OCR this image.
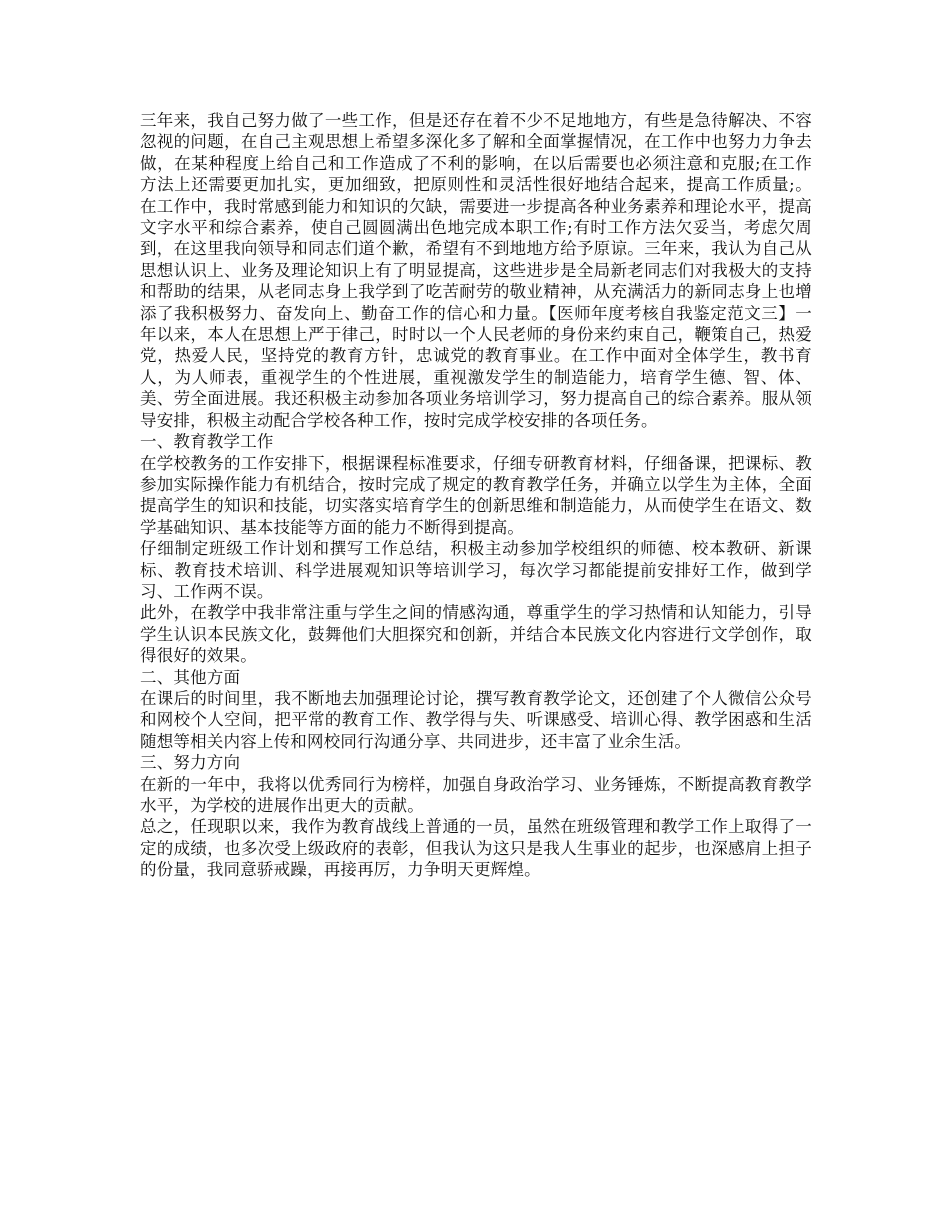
三年来，我自己努力做了一些工作，但是还存在着不少不足地地方，有些是急待解决、不容忽视的问题，在自己主观思想上希望多深化多了解和全面掌握情况，在工作中也努力力争去做，在某种程度上给自己和工作造成了不利的影响，在以后需要也必须注意和克服;在工作方法上还需要更加扎实，更加细致，把原则性和灵活性很好地结合起来，提高工作质量;。在工作中，我时常感到能力和知识的欠缺，需要进一步提高各种业务素养和理论水平，提高文字水平和综合素养，使自己圆圆满出色地完成本职工作;有时工作方法欠妥当，考虑欠周到，在这里我向领导和同志们道个歉，希望有不到地地方给予原谅。三年来，我认为自己从思想认识上、业务及理论知识上有了明显提高，这些进步是全局新老同志们对我极大的支持和帮助的结果，从老同志身上我学到了吃苦耐劳的敬业精神，从充满活力的新同志身上也增添了我积极努力、奋发向上、勤奋工作的信心和力量。【医师年度考核自我鉴定范文三】一年以来，本人在思想上严于律己，时时以一个人民老师的身份来约束自己，鞭策自己，热爱党，热爱人民，坚持党的教育方针，忠诚党的教育事业。在工作中面对全体学生，教书育人，为人师表，重视学生的个性进展，重视激发学生的制造能力，培育学生德、智、体、美、劳全面进展。我还积极主动参加各项业务培训学习，努力提高自己的综合素养。服从领导安排，积极主动配合学校各种工作，按时完成学校安排的各项任务。

一、教育教学工作

在学校教务的工作安排下，根据课程标准要求，仔细专研教育材料，仔细备课，把课标、教参加实际操作能力有机结合，按时完成了规定的教育教学任务，并确立以学生为主体，全面提高学生的知识和技能，切实落实培育学生的创新思维和制造能力，从而使学生在语文、数学基础知识、基本技能等方面的能力不断得到提高。

仔细制定班级工作计划和撰写工作总结，积极主动参加学校组织的师德、校本教研、新课标、教育技术培训、科学进展观知识等培训学习，每次学习都能提前安排好工作，做到学习、工作两不误。

此外，在教学中我非常注重与学生之间的情感沟通，尊重学生的学习热情和认知能力，引导学生认识本民族文化，鼓舞他们大胆探究和创新，并结合本民族文化内容进行文学创作，取得很好的效果。

二、其他方面

在课后的时间里，我不断地去加强理论讨论，撰写教育教学论文，还创建了个人微信公众号和网校个人空间，把平常的教育工作、教学得与失、听课感受、培训心得、教学困惑和生活随想等相关内容上传和网校同行沟通分享、共同进步，还丰富了业余生活。

三、努力方向

在新的一年中，我将以优秀同行为榜样，加强自身政治学习、业务锤炼，不断提高教育教学水平，为学校的进展作出更大的贡献。

总之，任现职以来，我作为教育战线上普通的一员，虽然在班级管理和教学工作上取得了一定的成绩，也多次受上级政府的表彰，但我认为这只是我人生事业的起步，也深感肩上担子的份量，我同意骄戒躁，再接再厉，力争明天更辉煌。
